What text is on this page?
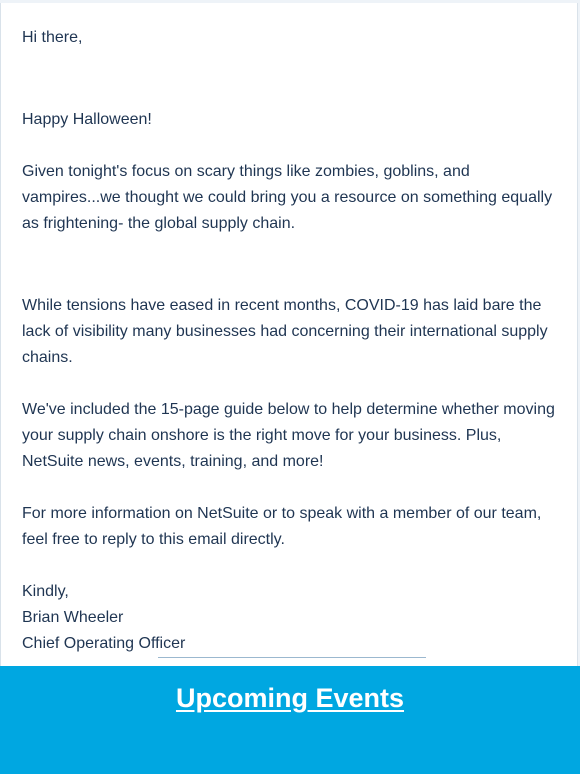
Hi there,

Happy Halloween!

Given tonight's focus on scary things like zombies, goblins, and vampires...we thought we could bring you a resource on something equally as frightening- the global supply chain.

While tensions have eased in recent months, COVID-19 has laid bare the lack of visibility many businesses had concerning their international supply chains.

We've included the 15-page guide below to help determine whether moving your supply chain onshore is the right move for your business. Plus, NetSuite news, events, training, and more!

For more information on NetSuite or to speak with a member of our team, feel free to reply to this email directly.

Kindly,
Brian Wheeler
Chief Operating Officer
Upcoming Events
